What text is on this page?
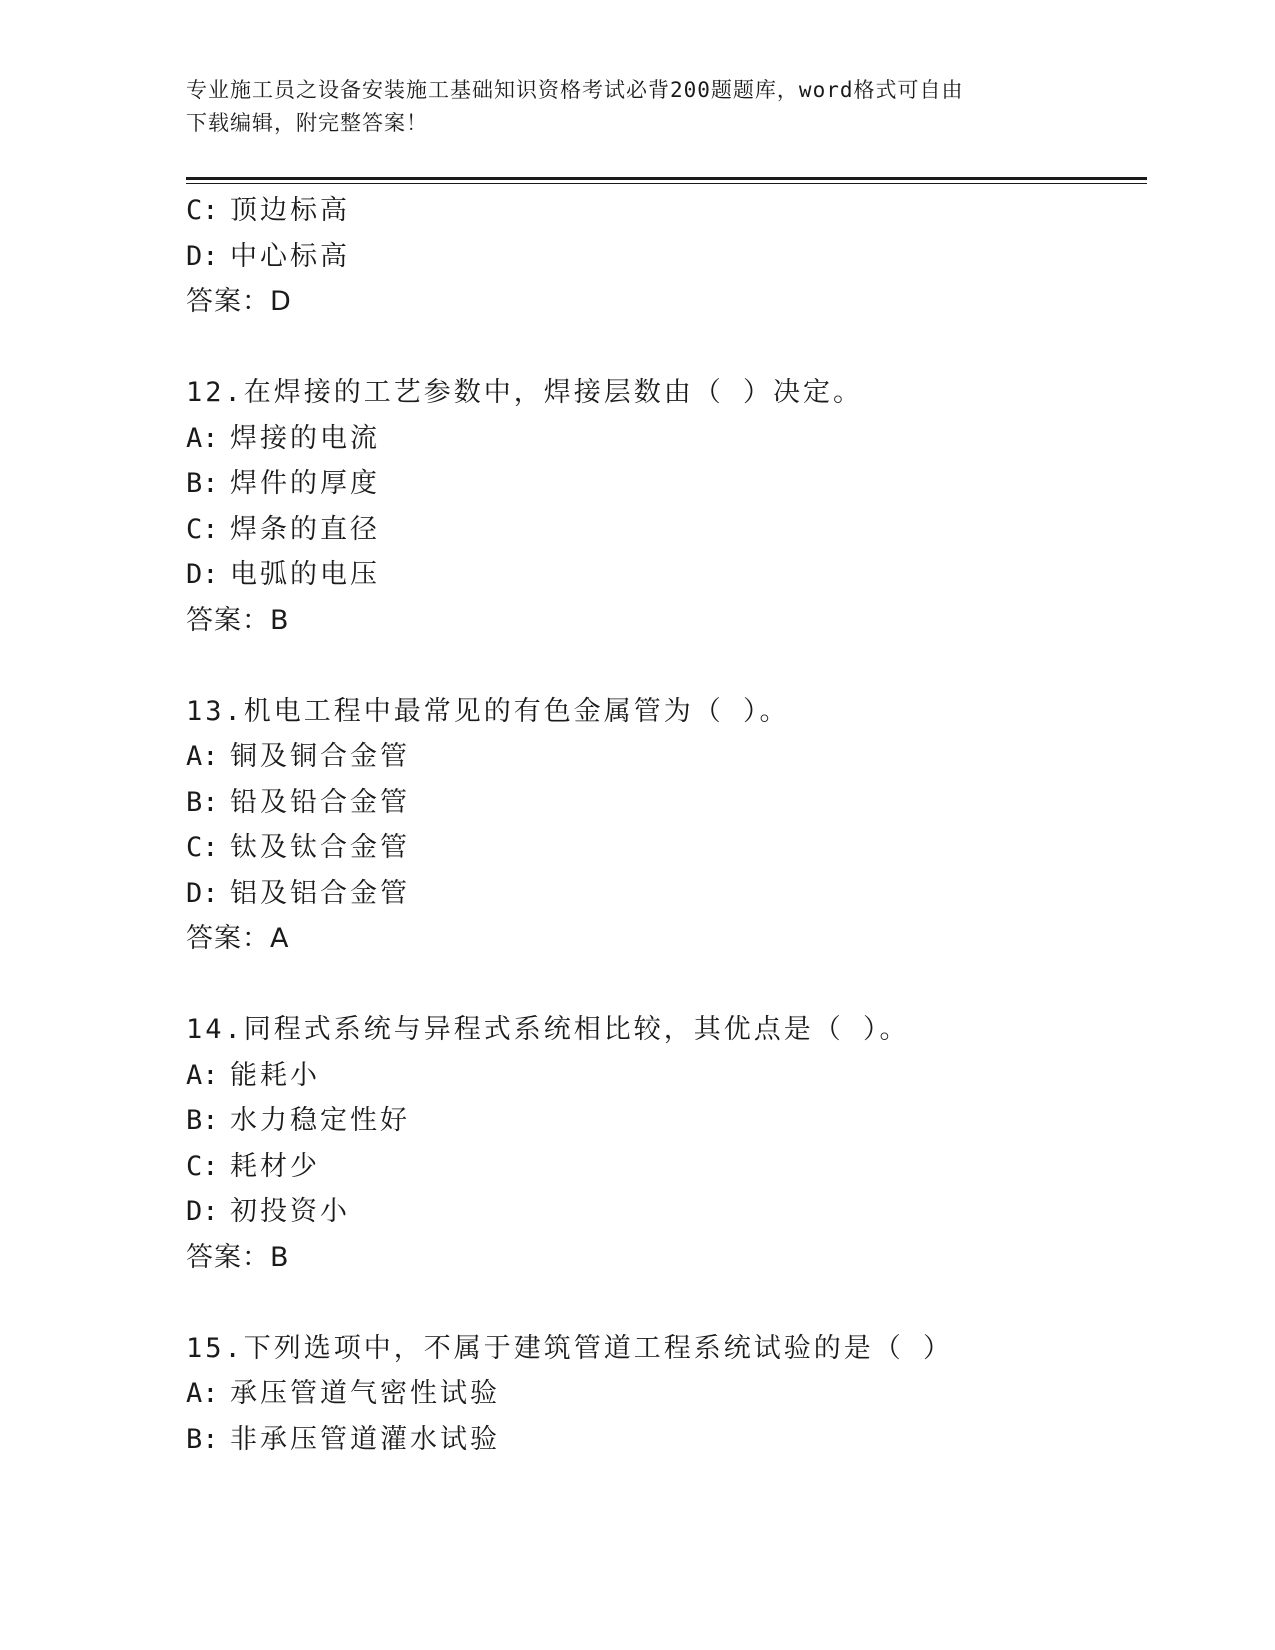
专业施工员之设备安装施工基础知识资格考试必背200题题库，word格式可自由
下载编辑，附完整答案！
C: 顶边标高
D: 中心标高
答案：D
12.在焊接的工艺参数中，焊接层数由（ ）决定。
A: 焊接的电流
B: 焊件的厚度
C: 焊条的直径
D: 电弧的电压
答案：B
13.机电工程中最常见的有色金属管为（ ）。
A: 铜及铜合金管
B: 铅及铅合金管
C: 钛及钛合金管
D: 铝及铝合金管
答案：A
14.同程式系统与异程式系统相比较，其优点是（ ）。
A: 能耗小
B: 水力稳定性好
C: 耗材少
D: 初投资小
答案：B
15.下列选项中，不属于建筑管道工程系统试验的是（ ）
A: 承压管道气密性试验
B: 非承压管道灌水试验
